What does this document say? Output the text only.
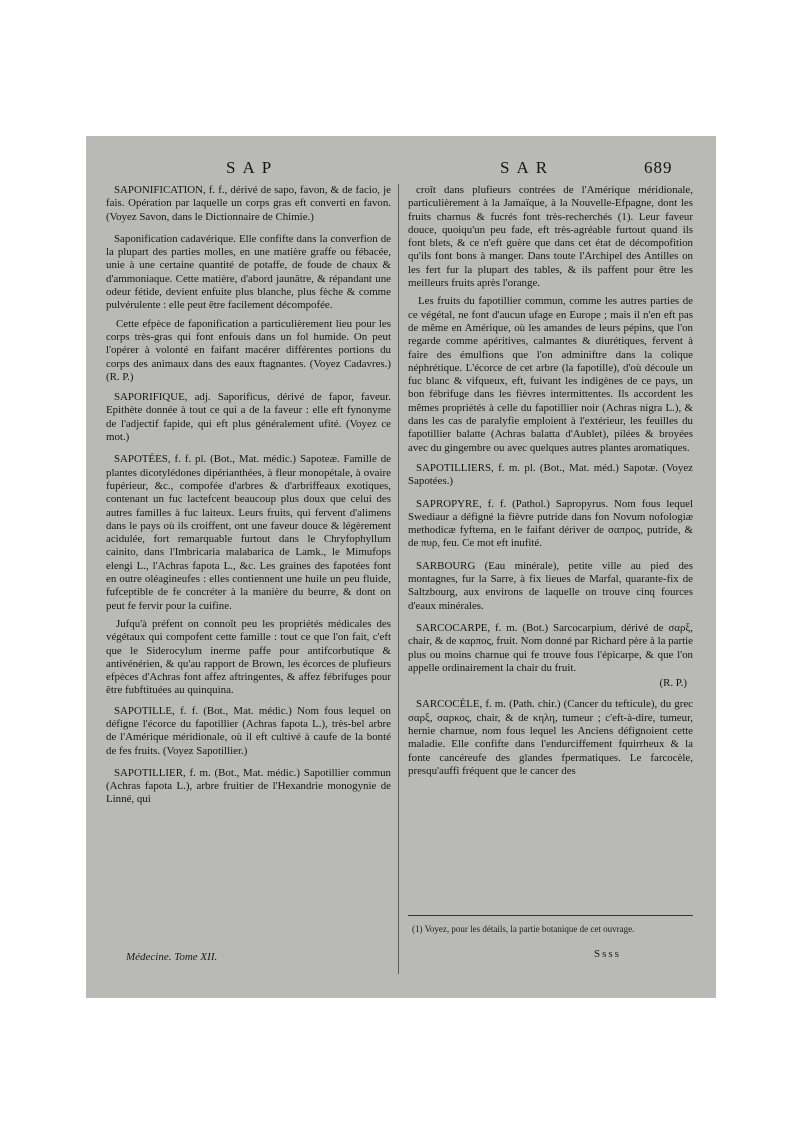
SAP	SAR	689

SAPONIFICATION, f. f., dérivé de sapo, favon, & de facio, je fais. Opération par laquelle un corps gras eft converti en favon. (Voyez Savon, dans le Dictionnaire de Chimie.)

Saponification cadavérique. Elle confifte dans la converfion de la plupart des parties molles, en une matière graffe ou fébacée, unie à une certaine quantité de potaffe, de foude de chaux & d'ammoniaque. Cette matière, d'abord jaunâtre, & répandant une odeur fétide, devient enfuite plus blanche, plus fèche & comme pulvérulente : elle peut être facilement décompofée.

Cette efpèce de faponification a particulièrement lieu pour les corps très-gras qui font enfouis dans un fol humide. On peut l'opérer à volonté en faifant macérer différentes portions du corps des animaux dans des eaux ftagnantes. (Voyez Cadavres.) (R. P.)

SAPORIFIQUE, adj. Saporificus, dérivé de fapor, faveur. Epithète donnée à tout ce qui a de la faveur : elle eft fynonyme de l'adjectif fapide, qui eft plus généralement ufité. (Voyez ce mot.)

SAPOTÉES, f. f. pl. (Bot., Mat. médic.) Sapoteæ. Famille de plantes dicotylédones dipérianthées, à fleur monopétale, à ovaire fupérieur, &c., compofée d'arbres & d'arbriffeaux exotiques, contenant un fuc lactefcent beaucoup plus doux que celui des autres familles à fuc laiteux. Leurs fruits, qui fervent d'alimens dans le pays où ils croiffent, ont une faveur douce & légèrement acidulée, fort remarquable furtout dans le Chryfophyllum cainito, dans l'Imbricaria malabarica de Lamk., le Mimufops elengi L., l'Achras fapota L., &c. Les graines des fapotées font en outre oléagineufes : elles contiennent une huile un peu fluide, fufceptible de fe concréter à la manière du beurre, & dont on peut fe fervir pour la cuifine.

Jufqu'à préfent on connoît peu les propriétés médicales des végétaux qui compofent cette famille : tout ce que l'on fait, c'eft que le Siderocylum inerme paffe pour antifcorbutique & antivénérien, & qu'au rapport de Brown, les écorces de plufieurs efpèces d'Achras font affez aftringentes, & affez fébrifuges pour être fubftituées au quinquina.

SAPOTILLE, f. f. (Bot., Mat. médic.) Nom fous lequel on défigne l'écorce du fapotillier (Achras fapota L.), très-bel arbre de l'Amérique méridionale, où il eft cultivé à caufe de la bonté de fes fruits. (Voyez Sapotillier.)

SAPOTILLIER, f. m. (Bot., Mat. médic.) Sapotillier commun (Achras fapota L.), arbre fruitier de l'Hexandrie monogynie de Linné, qui

croît dans plufieurs contrées de l'Amérique méridionale, particulièrement à la Jamaïque, à la Nouvelle-Efpagne, dont les fruits charnus & fucrés font très-recherchés (1). Leur faveur douce, quoiqu'un peu fade, eft très-agréable furtout quand ils font blets, & ce n'eft guère que dans cet état de décompofition qu'ils font bons à manger. Dans toute l'Archipel des Antilles on les fert fur la plupart des tables, & ils paffent pour être les meilleurs fruits après l'orange.

Les fruits du fapotillier commun, comme les autres parties de ce végétal, ne font d'aucun ufage en Europe ; mais il n'en eft pas de même en Amérique, où les amandes de leurs pépins, que l'on regarde comme apéritives, calmantes & diurétiques, fervent à faire des émulfions que l'on adminiftre dans la colique néphrétique. L'écorce de cet arbre (la fapotille), d'où découle un fuc blanc & vifqueux, eft, fuivant les indigènes de ce pays, un bon fébrifuge dans les fièvres intermittentes. Ils accordent les mêmes propriétés à celle du fapotillier noir (Achras nigra L.), & dans les cas de paralyfie emploient à l'extérieur, les feuilles du fapotillier balatte (Achras balatta d'Aublet), pilées & broyées avec du gingembre ou avec quelques autres plantes aromatiques.

SAPOTILLIERS, f. m. pl. (Bot., Mat. méd.) Sapotæ. (Voyez Sapotées.)

SAPROPYRE, f. f. (Pathol.) Sapropyrus. Nom fous lequel Swediaur a défigné la fièvre putride dans fon Novum nofologiæ methodicæ fyftema, en le faifant dériver de σαπρος, putride, & de πυρ, feu. Ce mot eft inufité.

SARBOURG (Eau minérale), petite ville au pied des montagnes, fur la Sarre, à fix lieues de Marfal, quarante-fix de Saltzbourg, aux environs de laquelle on trouve cinq fources d'eaux minérales.

SARCOCARPE, f. m. (Bot.) Sarcocarpium, dérivé de σαρξ, chair, & de καρπος, fruit. Nom donné par Richard père à la partie plus ou moins charnue qui fe trouve fous l'épicarpe, & que l'on appelle ordinairement la chair du fruit.

(R. P.)

SARCOCÈLE, f. m. (Path. chir.) (Cancer du tefticule), du grec σαρξ, σαρκος, chair, & de κηλη, tumeur ; c'eft-à-dire, tumeur, hernie charnue, nom fous lequel les Anciens défignoient cette maladie. Elle confifte dans l'endurciffement fquirrheux & la fonte cancéreufe des glandes fpermatiques. Le farcocèle, presqu'auffi fréquent que le cancer des

(1) Voyez, pour les détails, la partie botanique de cet ouvrage.
Ssss
Médecine. Tome XII.
